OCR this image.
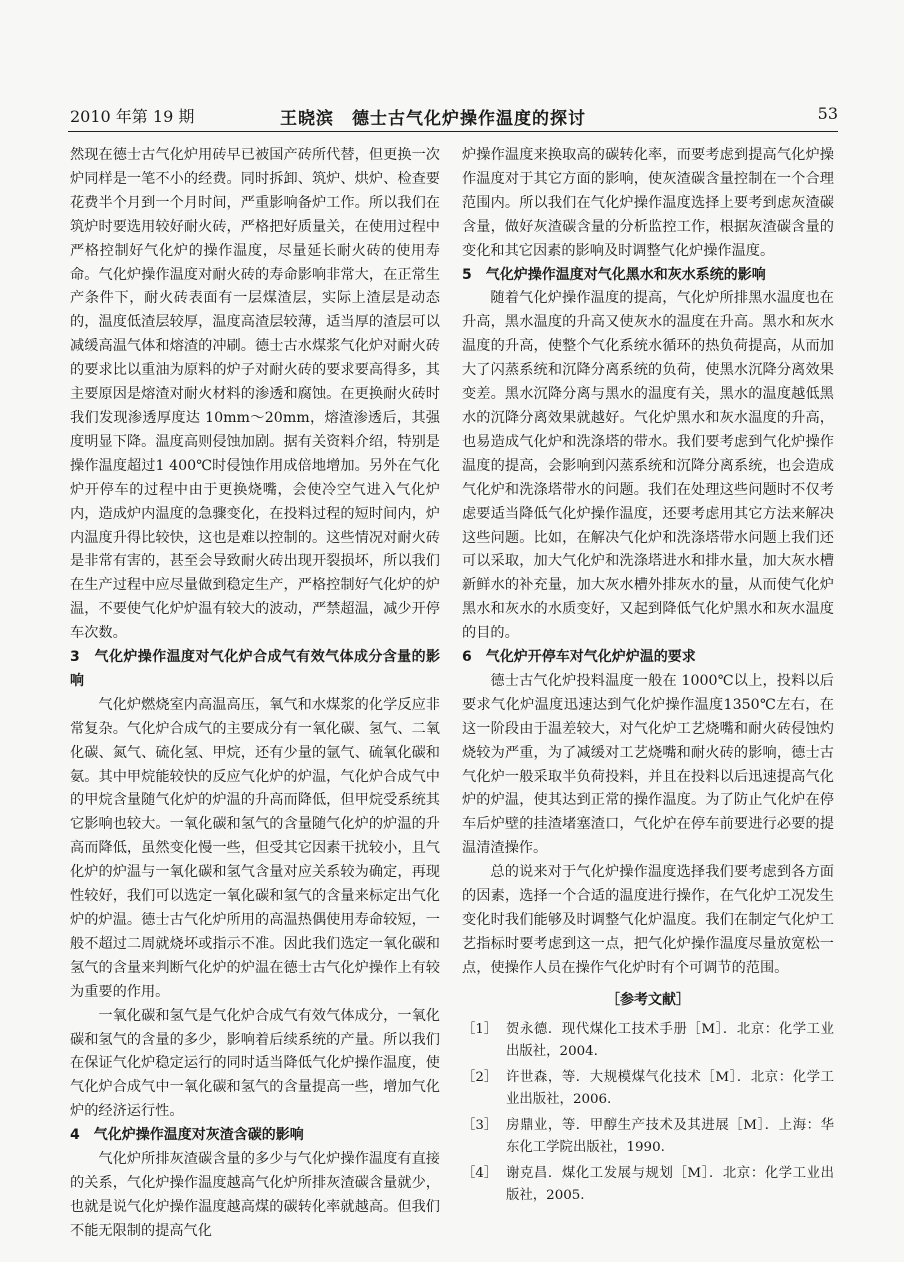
2010 年第 19 期	王晓滨　德士古气化炉操作温度的探讨	53

然现在德士古气化炉用砖早已被国产砖所代替，但更换一次炉同样是一笔不小的经费。同时拆卸、筑炉、烘炉、检查要花费半个月到一个月时间，严重影响备炉工作。所以我们在筑炉时要选用较好耐火砖，严格把好质量关，在使用过程中严格控制好气化炉的操作温度，尽量延长耐火砖的使用寿命。气化炉操作温度对耐火砖的寿命影响非常大，在正常生产条件下，耐火砖表面有一层煤渣层，实际上渣层是动态的，温度低渣层较厚，温度高渣层较薄，适当厚的渣层可以减缓高温气体和熔渣的冲刷。德士古水煤浆气化炉对耐火砖的要求比以重油为原料的炉子对耐火砖的要求要高得多，其主要原因是熔渣对耐火材料的渗透和腐蚀。在更换耐火砖时我们发现渗透厚度达 10mm～20mm，熔渣渗透后，其强度明显下降。温度高则侵蚀加剧。据有关资料介绍，特别是操作温度超过1 400℃时侵蚀作用成倍地增加。另外在气化炉开停车的过程中由于更换烧嘴，会使冷空气进入气化炉内，造成炉内温度的急骤变化，在投料过程的短时间内，炉内温度升得比较快，这也是难以控制的。这些情况对耐火砖是非常有害的，甚至会导致耐火砖出现开裂损坏，所以我们在生产过程中应尽量做到稳定生产，严格控制好气化炉的炉温，不要使气化炉炉温有较大的波动，严禁超温，减少开停车次数。

3　气化炉操作温度对气化炉合成气有效气体成分含量的影响

气化炉燃烧室内高温高压，氧气和水煤浆的化学反应非常复杂。气化炉合成气的主要成分有一氧化碳、氢气、二氧化碳、氮气、硫化氢、甲烷，还有少量的氩气、硫氧化碳和氨。其中甲烷能较快的反应气化炉的炉温，气化炉合成气中的甲烷含量随气化炉的炉温的升高而降低，但甲烷受系统其它影响也较大。一氧化碳和氢气的含量随气化炉的炉温的升高而降低，虽然变化慢一些，但受其它因素干扰较小，且气化炉的炉温与一氧化碳和氢气含量对应关系较为确定，再现性较好，我们可以选定一氧化碳和氢气的含量来标定出气化炉的炉温。德士古气化炉所用的高温热偶使用寿命较短，一般不超过二周就烧坏或指示不准。因此我们选定一氧化碳和氢气的含量来判断气化炉的炉温在德士古气化炉操作上有较为重要的作用。

一氧化碳和氢气是气化炉合成气有效气体成分，一氧化碳和氢气的含量的多少，影响着后续系统的产量。所以我们在保证气化炉稳定运行的同时适当降低气化炉操作温度，使气化炉合成气中一氧化碳和氢气的含量提高一些，增加气化炉的经济运行性。

4　气化炉操作温度对灰渣含碳的影响

气化炉所排灰渣碳含量的多少与气化炉操作温度有直接的关系，气化炉操作温度越高气化炉所排灰渣碳含量就少，也就是说气化炉操作温度越高煤的碳转化率就越高。但我们不能无限制的提高气化

炉操作温度来换取高的碳转化率，而要考虑到提高气化炉操作温度对于其它方面的影响，使灰渣碳含量控制在一个合理范围内。所以我们在气化炉操作温度选择上要考到虑灰渣碳含量，做好灰渣碳含量的分析监控工作，根据灰渣碳含量的变化和其它因素的影响及时调整气化炉操作温度。

5　气化炉操作温度对气化黑水和灰水系统的影响

随着气化炉操作温度的提高，气化炉所排黑水温度也在升高，黑水温度的升高又使灰水的温度在升高。黑水和灰水温度的升高，使整个气化系统水循环的热负荷提高，从而加大了闪蒸系统和沉降分离系统的负荷，使黑水沉降分离效果变差。黑水沉降分离与黑水的温度有关，黑水的温度越低黑水的沉降分离效果就越好。气化炉黑水和灰水温度的升高，也易造成气化炉和洗涤塔的带水。我们要考虑到气化炉操作温度的提高，会影响到闪蒸系统和沉降分离系统，也会造成气化炉和洗涤塔带水的问题。我们在处理这些问题时不仅考虑要适当降低气化炉操作温度，还要考虑用其它方法来解决这些问题。比如，在解决气化炉和洗涤塔带水问题上我们还可以采取，加大气化炉和洗涤塔进水和排水量，加大灰水槽新鲜水的补充量，加大灰水槽外排灰水的量，从而使气化炉黑水和灰水的水质变好，又起到降低气化炉黑水和灰水温度的目的。

6　气化炉开停车对气化炉炉温的要求

德士古气化炉投料温度一般在 1000℃以上，投料以后要求气化炉温度迅速达到气化炉操作温度1350℃左右，在这一阶段由于温差较大，对气化炉工艺烧嘴和耐火砖侵蚀灼烧较为严重，为了减缓对工艺烧嘴和耐火砖的影响，德士古气化炉一般采取半负荷投料，并且在投料以后迅速提高气化炉的炉温，使其达到正常的操作温度。为了防止气化炉在停车后炉壁的挂渣堵塞渣口，气化炉在停车前要进行必要的提温清渣操作。

总的说来对于气化炉操作温度选择我们要考虑到各方面的因素，选择一个合适的温度进行操作，在气化炉工况发生变化时我们能够及时调整气化炉温度。我们在制定气化炉工艺指标时要考虑到这一点，把气化炉操作温度尽量放宽松一点，使操作人员在操作气化炉时有个可调节的范围。

［参考文献］
［1］ 贺永德．现代煤化工技术手册［M］．北京：化学工业出版社，2004.
［2］ 许世森，等．大规模煤气化技术［M］．北京：化学工业出版社，2006.
［3］ 房鼎业，等．甲醇生产技术及其进展［M］．上海：华东化工学院出版社，1990.
［4］ 谢克昌．煤化工发展与规划［M］．北京：化学工业出版社，2005.
